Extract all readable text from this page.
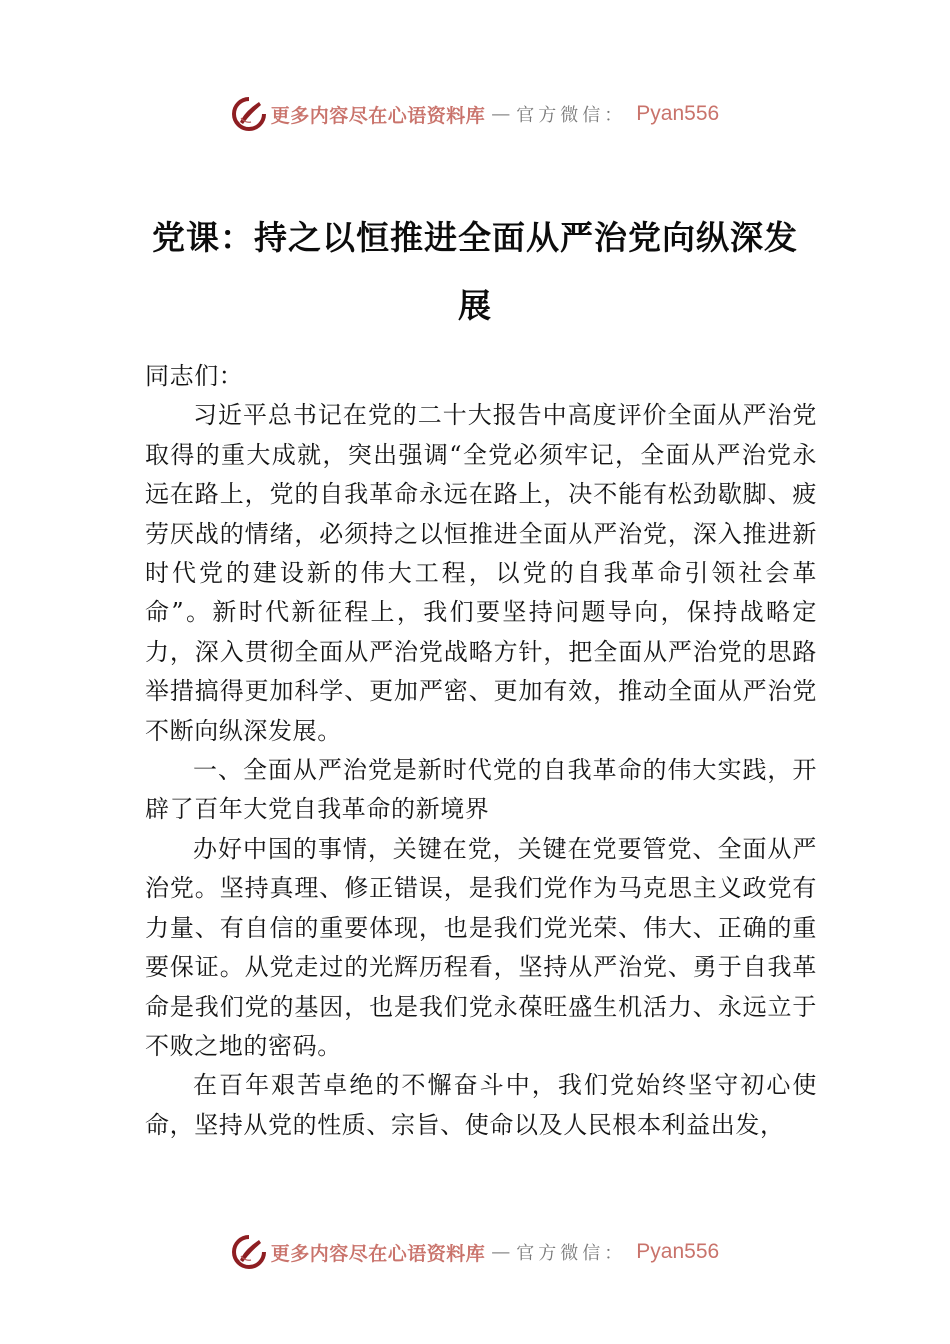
更多内容尽在心语资料库 — 官方微信： Pyan556
党课：持之以恒推进全面从严治党向纵深发展

同志们：

习近平总书记在党的二十大报告中高度评价全面从严治党取得的重大成就，突出强调“全党必须牢记，全面从严治党永远在路上，党的自我革命永远在路上，决不能有松劲歇脚、疲劳厌战的情绪，必须持之以恒推进全面从严治党，深入推进新时代党的建设新的伟大工程，以党的自我革命引领社会革命”。新时代新征程上，我们要坚持问题导向，保持战略定力，深入贯彻全面从严治党战略方针，把全面从严治党的思路举措搞得更加科学、更加严密、更加有效，推动全面从严治党不断向纵深发展。

一、全面从严治党是新时代党的自我革命的伟大实践，开辟了百年大党自我革命的新境界

办好中国的事情，关键在党，关键在党要管党、全面从严治党。坚持真理、修正错误，是我们党作为马克思主义政党有力量、有自信的重要体现，也是我们党光荣、伟大、正确的重要保证。从党走过的光辉历程看，坚持从严治党、勇于自我革命是我们党的基因，也是我们党永葆旺盛生机活力、永远立于不败之地的密码。

在百年艰苦卓绝的不懈奋斗中，我们党始终坚守初心使命，坚持从党的性质、宗旨、使命以及人民根本利益出发，

更多内容尽在心语资料库 — 官方微信： Pyan556
